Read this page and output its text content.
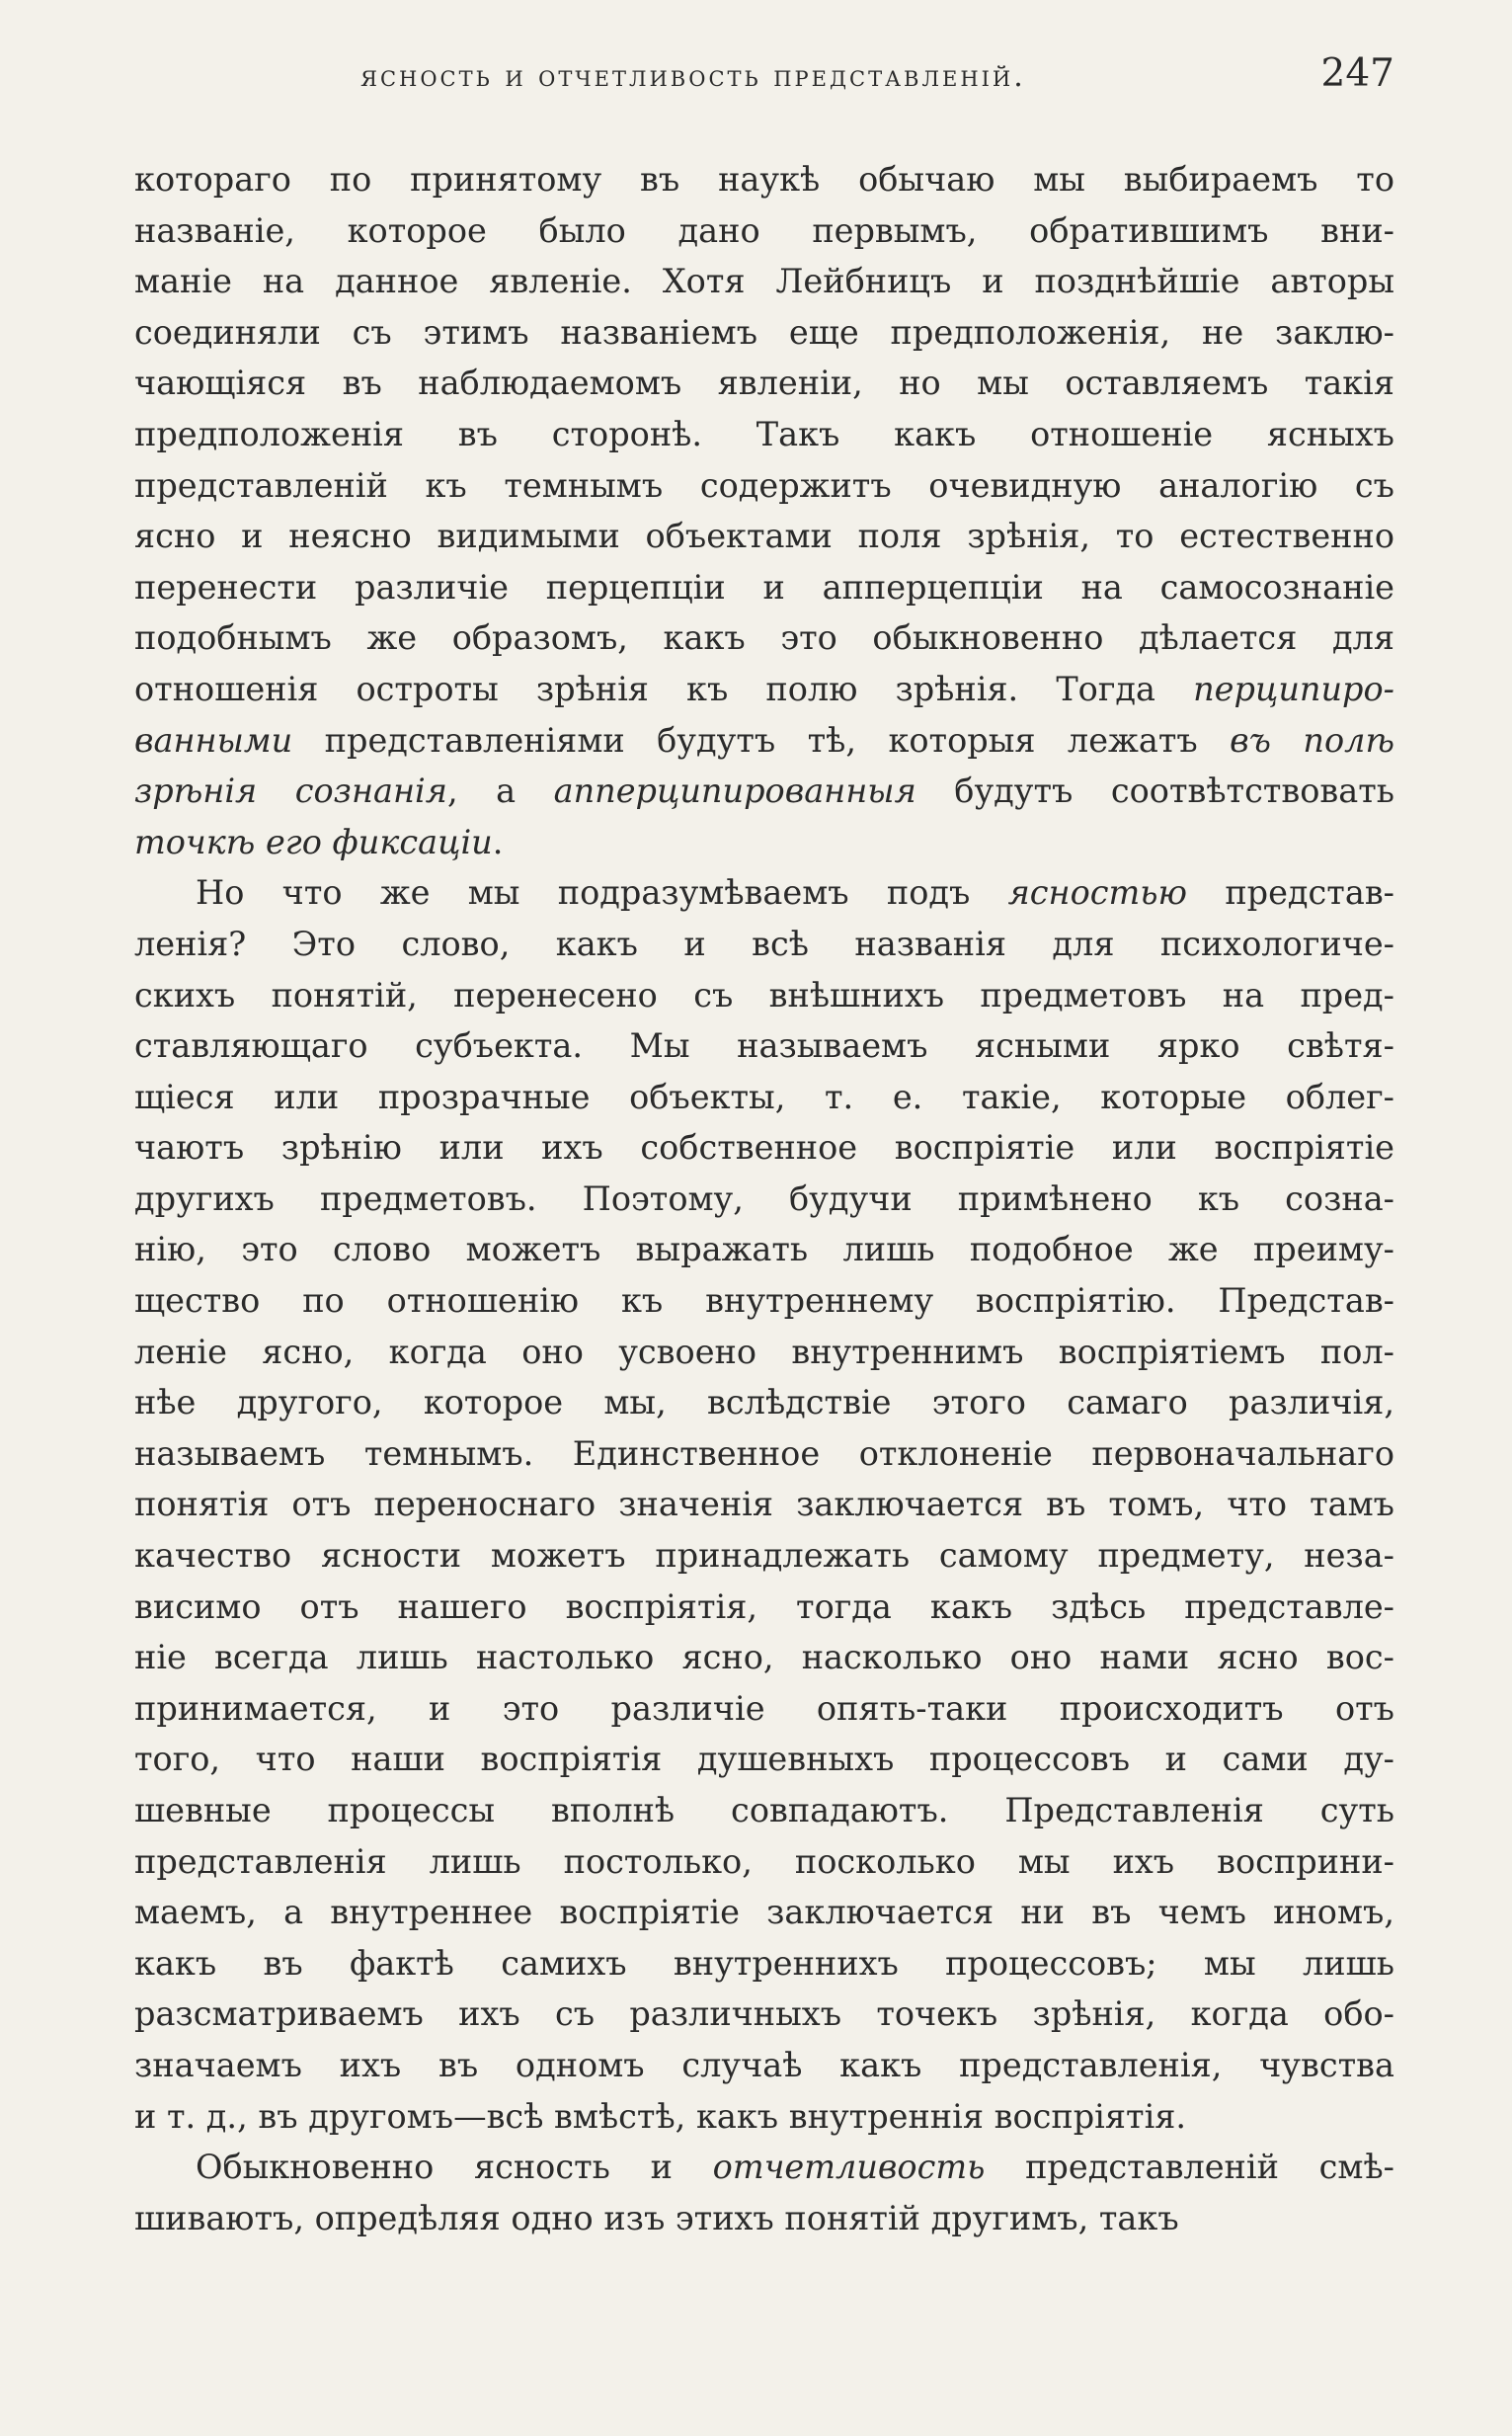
ясность и отчетливость представленій.	247
котораго по принятому въ наукѣ обычаю мы выбираемъ то
названіе, которое было дано первымъ, обратившимъ вни-
маніе на данное явленіе. Хотя Лейбницъ и позднѣйшіе авторы
соединяли съ этимъ названіемъ еще предположенія, не заклю-
чающіяся въ наблюдаемомъ явленіи, но мы оставляемъ такія
предположенія въ сторонѣ. Такъ какъ отношеніе ясныхъ
представленій къ темнымъ содержитъ очевидную аналогію съ
ясно и неясно видимыми объектами поля зрѣнія, то естественно
перенести различіе перцепціи и апперцепціи на самосознаніе
подобнымъ же образомъ, какъ это обыкновенно дѣлается для
отношенія остроты зрѣнія къ полю зрѣнія. Тогда перципиро-
ванными представленіями будутъ тѣ, которыя лежатъ въ полѣ
зрѣнія сознанія, а апперципированныя будутъ соотвѣтствовать
точкѣ его фиксаціи.
Но что же мы подразумѣваемъ подъ ясностью представ-
ленія? Это слово, какъ и всѣ названія для психологиче-
скихъ понятій, перенесено съ внѣшнихъ предметовъ на пред-
ставляющаго субъекта. Мы называемъ ясными ярко свѣтя-
щіеся или прозрачные объекты, т. е. такіе, которые облег-
чаютъ зрѣнію или ихъ собственное воспріятіе или воспріятіе
другихъ предметовъ. Поэтому, будучи примѣнено къ созна-
нію, это слово можетъ выражать лишь подобное же преиму-
щество по отношенію къ внутреннему воспріятію. Представ-
леніе ясно, когда оно усвоено внутреннимъ воспріятіемъ пол-
нѣе другого, которое мы, вслѣдствіе этого самаго различія,
называемъ темнымъ. Единственное отклоненіе первоначальнаго
понятія отъ переноснаго значенія заключается въ томъ, что тамъ
качество ясности можетъ принадлежать самому предмету, неза-
висимо отъ нашего воспріятія, тогда какъ здѣсь представле-
ніе всегда лишь настолько ясно, насколько оно нами ясно вос-
принимается, и это различіе опять-таки происходитъ отъ
того, что наши воспріятія душевныхъ процессовъ и сами ду-
шевные процессы вполнѣ совпадаютъ. Представленія суть
представленія лишь постолько, посколько мы ихъ восприни-
маемъ, а внутреннее воспріятіе заключается ни въ чемъ иномъ,
какъ въ фактѣ самихъ внутреннихъ процессовъ; мы лишь
разсматриваемъ ихъ съ различныхъ точекъ зрѣнія, когда обо-
значаемъ ихъ въ одномъ случаѣ какъ представленія, чувства
и т. д., въ другомъ—всѣ вмѣстѣ, какъ внутреннія воспріятія.
Обыкновенно ясность и отчетливость представленій смѣ-
шиваютъ, опредѣляя одно изъ этихъ понятій другимъ, такъ
